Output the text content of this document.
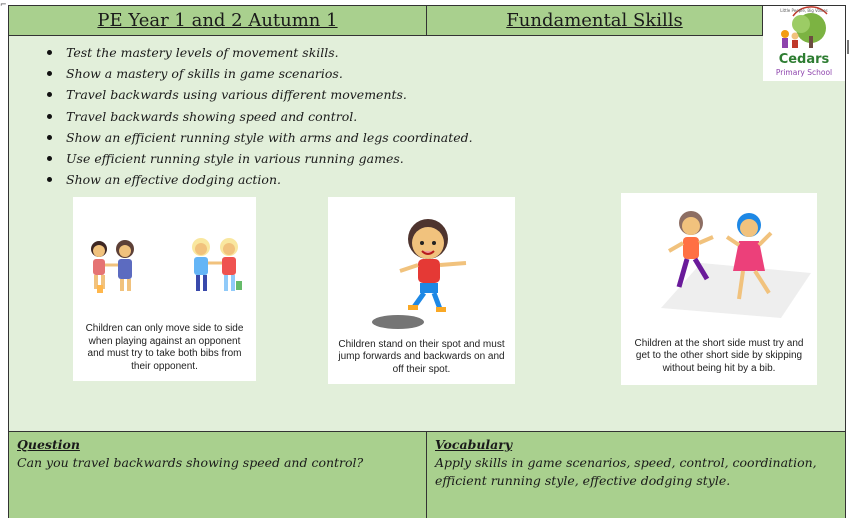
⌐
PE Year 1 and 2 Autumn 1	Fundamental Skills
Cedars
Primary School
Little People, Big Voices
Test the mastery levels of movement skills.
Show a mastery of skills in game scenarios.
Travel backwards using various different movements.
Travel backwards showing speed and control.
Show an efficient running style with arms and legs coordinated.
Use efficient running style in various running games.
Show an effective dodging action.
Children can only move side to side when playing against an opponent and must try to take both bibs from their opponent.
Children stand on their spot and must jump forwards and backwards on and off their spot.
Children at the short side must try and get to the other short side by skipping without being hit by a bib.
Question
Can you travel backwards showing speed and control?
Vocabulary
Apply skills in game scenarios, speed, control, coordination, efficient running style, effective dodging style.
